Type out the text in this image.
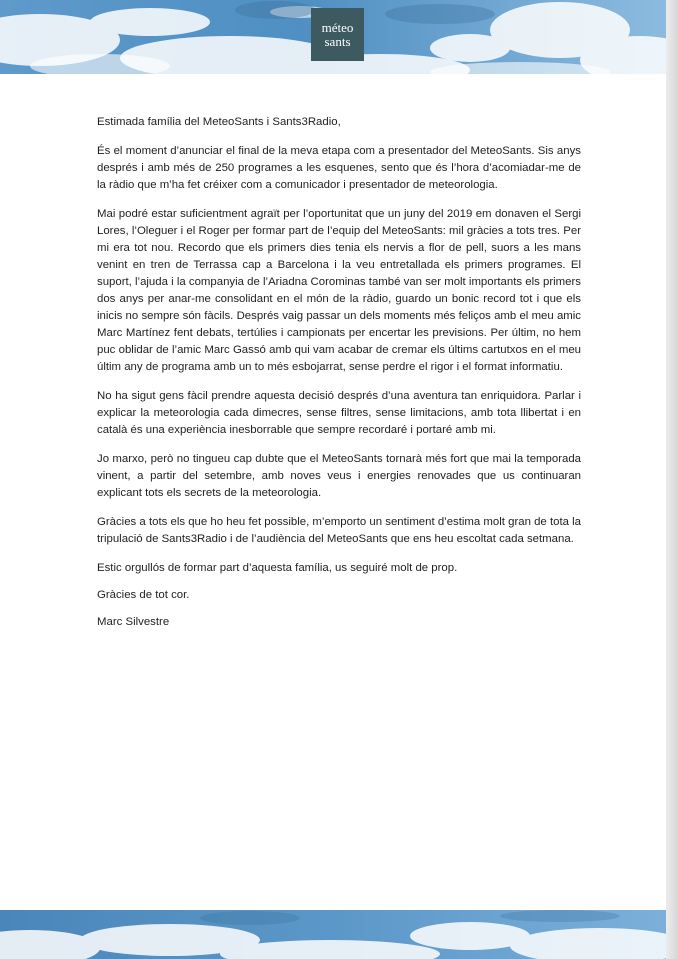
méteo
sants

Estimada família del MeteoSants i Sants3Radio,

És el moment d’anunciar el final de la meva etapa com a presentador del MeteoSants. Sis anys després i amb més de 250 programes a les esquenes, sento que és l’hora d’acomiadar-me de la ràdio que m’ha fet créixer com a comunicador i presentador de meteorologia.

Mai podré estar suficientment agraït per l’oportunitat que un juny del 2019 em donaven el Sergi Lores, l’Oleguer i el Roger per formar part de l’equip del MeteoSants: mil gràcies a tots tres. Per mi era tot nou. Recordo que els primers dies tenia els nervis a flor de pell, suors a les mans venint en tren de Terrassa cap a Barcelona i la veu entretallada els primers programes. El suport, l’ajuda i la companyia de l’Ariadna Corominas també van ser molt importants els primers dos anys per anar-me consolidant en el món de la ràdio, guardo un bonic record tot i que els inicis no sempre són fàcils. Després vaig passar un dels moments més feliços amb el meu amic Marc Martínez fent debats, tertúlies i campionats per encertar les previsions. Per últim, no hem puc oblidar de l’amic Marc Gassó amb qui vam acabar de cremar els últims cartutxos en el meu últim any de programa amb un to més esbojarrat, sense perdre el rigor i el format informatiu.

No ha sigut gens fàcil prendre aquesta decisió després d’una aventura tan enriquidora. Parlar i explicar la meteorologia cada dimecres, sense filtres, sense limitacions, amb tota llibertat i en català és una experiència inesborrable que sempre recordaré i portaré amb mi.

Jo marxo, però no tingueu cap dubte que el MeteoSants tornarà més fort que mai la temporada vinent, a partir del setembre, amb noves veus i energies renovades que us continuaran explicant tots els secrets de la meteorologia.

Gràcies a tots els que ho heu fet possible, m’emporto un sentiment d’estima molt gran de tota la tripulació de Sants3Radio i de l’audiència del MeteoSants que ens heu escoltat cada setmana.

Estic orgullós de formar part d’aquesta família, us seguiré molt de prop.

Gràcies de tot cor.

Marc Silvestre
